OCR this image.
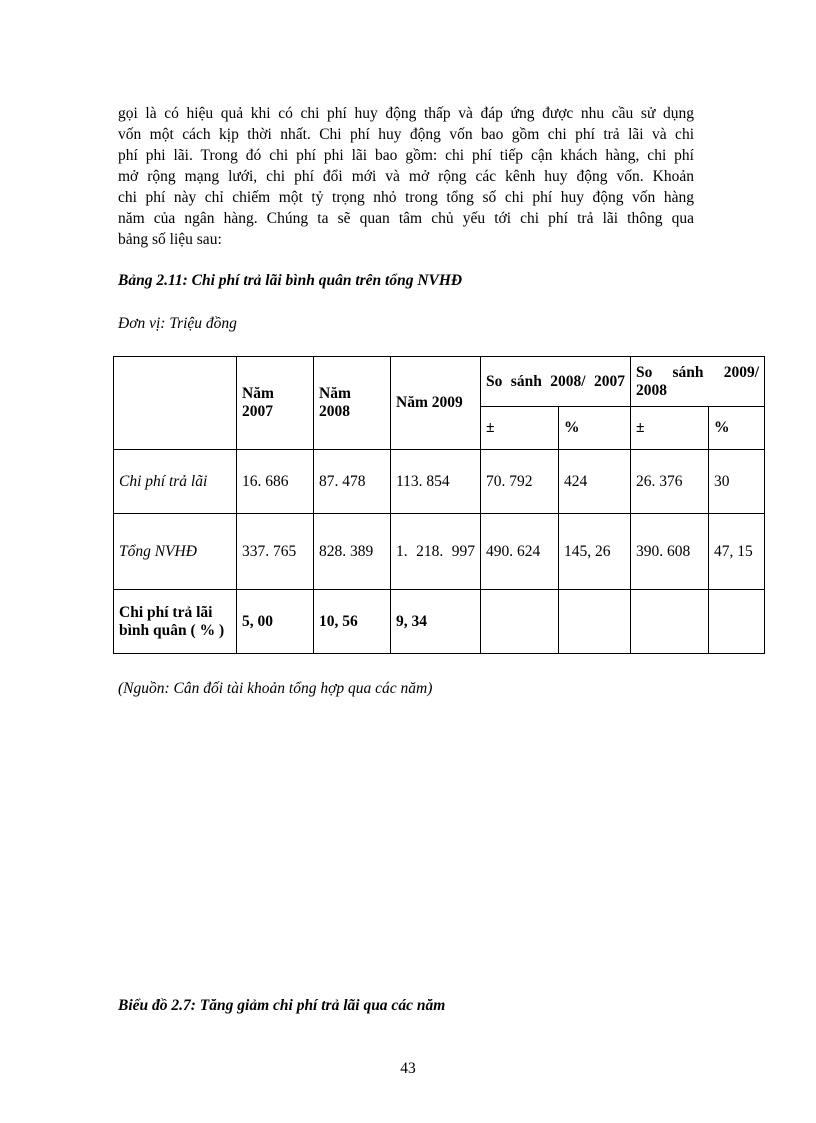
gọi là có hiệu quả khi có chi phí huy động thấp và đáp ứng được nhu cầu sử dụng
vốn một cách kịp thời nhất. Chi phí huy động vốn bao gồm chi phí trả lãi và chi
phí phi lãi. Trong đó chi phí phi lãi bao gồm: chi phí tiếp cận khách hàng, chi phí
mở rộng mạng lưới, chi phí đổi mới và mở rộng các kênh huy động vốn. Khoản
chi phí này chỉ chiếm một tỷ trọng nhỏ trong tổng số chi phí huy động vốn hàng
năm của ngân hàng. Chúng ta sẽ quan tâm chủ yếu tới chi phí trả lãi thông qua
bảng số liệu sau:

Bảng 2.11: Chi phí trả lãi bình quân trên tổng NVHĐ

Đơn vị: Triệu đồng

	Năm 2007	Năm 2008	Năm 2009	So sánh 2008/ 2007		So sánh 2009/ 2008	
				±	%	±	%
Chi phí trả lãi	16. 686	87. 478	113. 854	70. 792	424	26. 376	30
Tổng NVHĐ	337. 765	828. 389	1. 218. 997	490. 624	145, 26	390. 608	47, 15
Chi phí trả lãi bình quân ( % )	5, 00	10, 56	9, 34				

(Nguồn: Cân đối tài khoản tổng hợp qua các năm)

Biểu đồ 2.7: Tăng giảm chi phí trả lãi qua các năm

43
